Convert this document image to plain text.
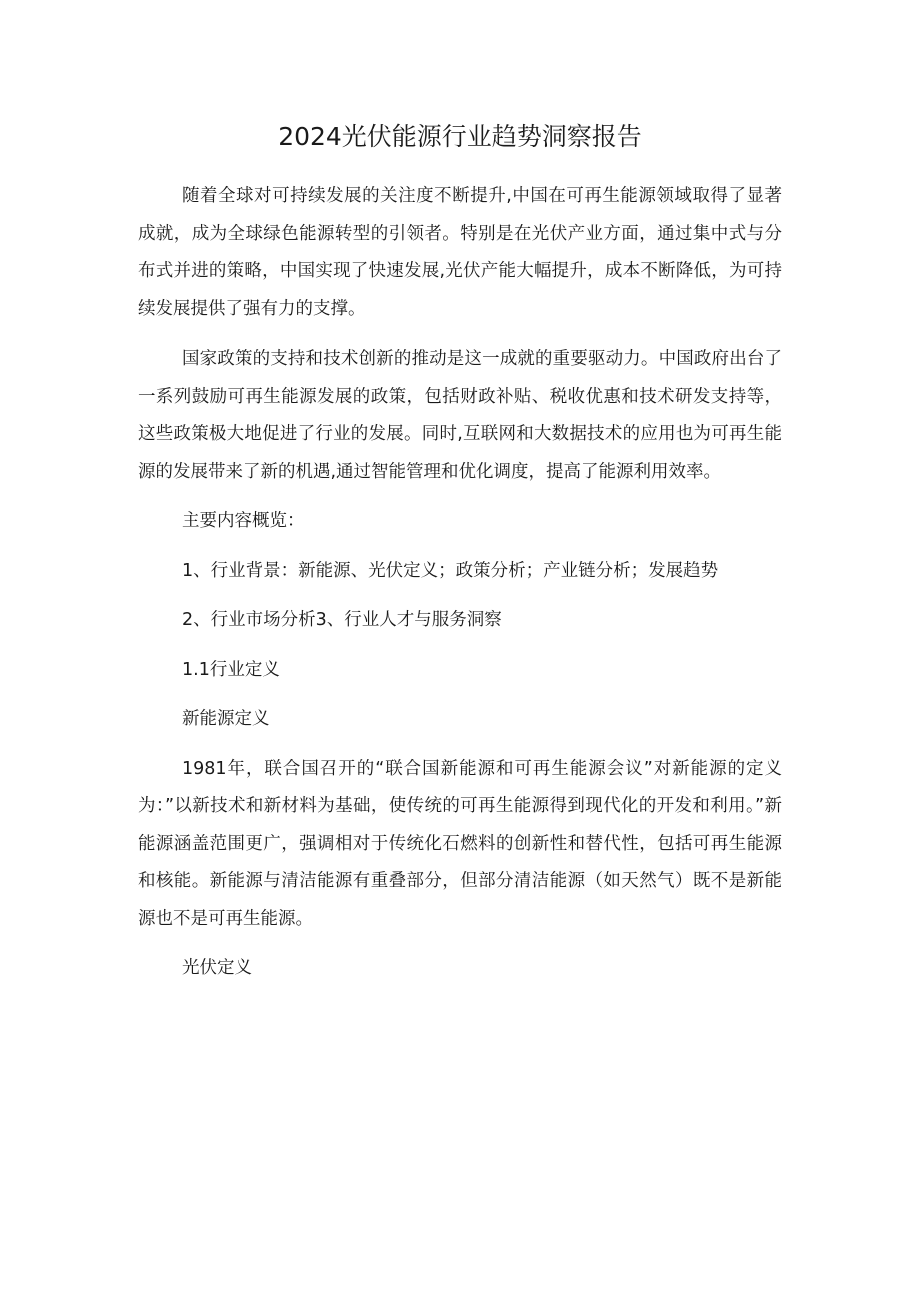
2024光伏能源行业趋势洞察报告

随着全球对可持续发展的关注度不断提升,中国在可再生能源领域取得了显著成就，成为全球绿色能源转型的引领者。特别是在光伏产业方面，通过集中式与分布式并进的策略，中国实现了快速发展,光伏产能大幅提升，成本不断降低，为可持续发展提供了强有力的支撑。

国家政策的支持和技术创新的推动是这一成就的重要驱动力。中国政府出台了一系列鼓励可再生能源发展的政策，包括财政补贴、税收优惠和技术研发支持等，这些政策极大地促进了行业的发展。同时,互联网和大数据技术的应用也为可再生能源的发展带来了新的机遇,通过智能管理和优化调度，提高了能源利用效率。

主要内容概览：

1、行业背景：新能源、光伏定义；政策分析；产业链分析；发展趋势

2、行业市场分析3、行业人才与服务洞察

1.1行业定义

新能源定义

1981年，联合国召开的“联合国新能源和可再生能源会议”对新能源的定义为：”以新技术和新材料为基础，使传统的可再生能源得到现代化的开发和利用。”新能源涵盖范围更广，强调相对于传统化石燃料的创新性和替代性，包括可再生能源和核能。新能源与清洁能源有重叠部分，但部分清洁能源（如天然气）既不是新能源也不是可再生能源。

光伏定义
